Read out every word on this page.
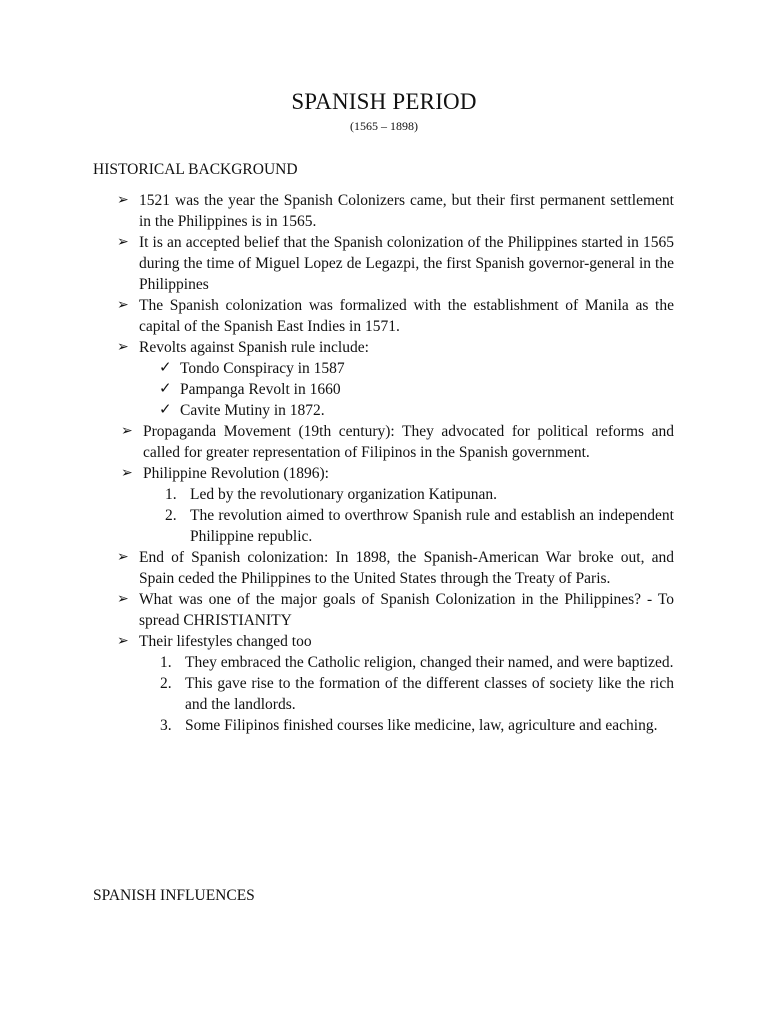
SPANISH PERIOD
(1565 – 1898)
HISTORICAL BACKGROUND
➢ 1521 was the year the Spanish Colonizers came, but their first permanent settlement in the Philippines is in 1565.
➢ It is an accepted belief that the Spanish colonization of the Philippines started in 1565 during the time of Miguel Lopez de Legazpi, the first Spanish governor-general in the Philippines
➢ The Spanish colonization was formalized with the establishment of Manila as the capital of the Spanish East Indies in 1571.
➢ Revolts against Spanish rule include:
✓ Tondo Conspiracy in 1587
✓ Pampanga Revolt in 1660
✓ Cavite Mutiny in 1872.
➢ Propaganda Movement (19th century): They advocated for political reforms and called for greater representation of Filipinos in the Spanish government.
➢ Philippine Revolution (1896):
1. Led by the revolutionary organization Katipunan.
2. The revolution aimed to overthrow Spanish rule and establish an independent Philippine republic.
➢ End of Spanish colonization: In 1898, the Spanish-American War broke out, and Spain ceded the Philippines to the United States through the Treaty of Paris.
➢ What was one of the major goals of Spanish Colonization in the Philippines? - To spread CHRISTIANITY
➢ Their lifestyles changed too
1. They embraced the Catholic religion, changed their named, and were baptized.
2. This gave rise to the formation of the different classes of society like the rich and the landlords.
3. Some Filipinos finished courses like medicine, law, agriculture and eaching.
SPANISH INFLUENCES
